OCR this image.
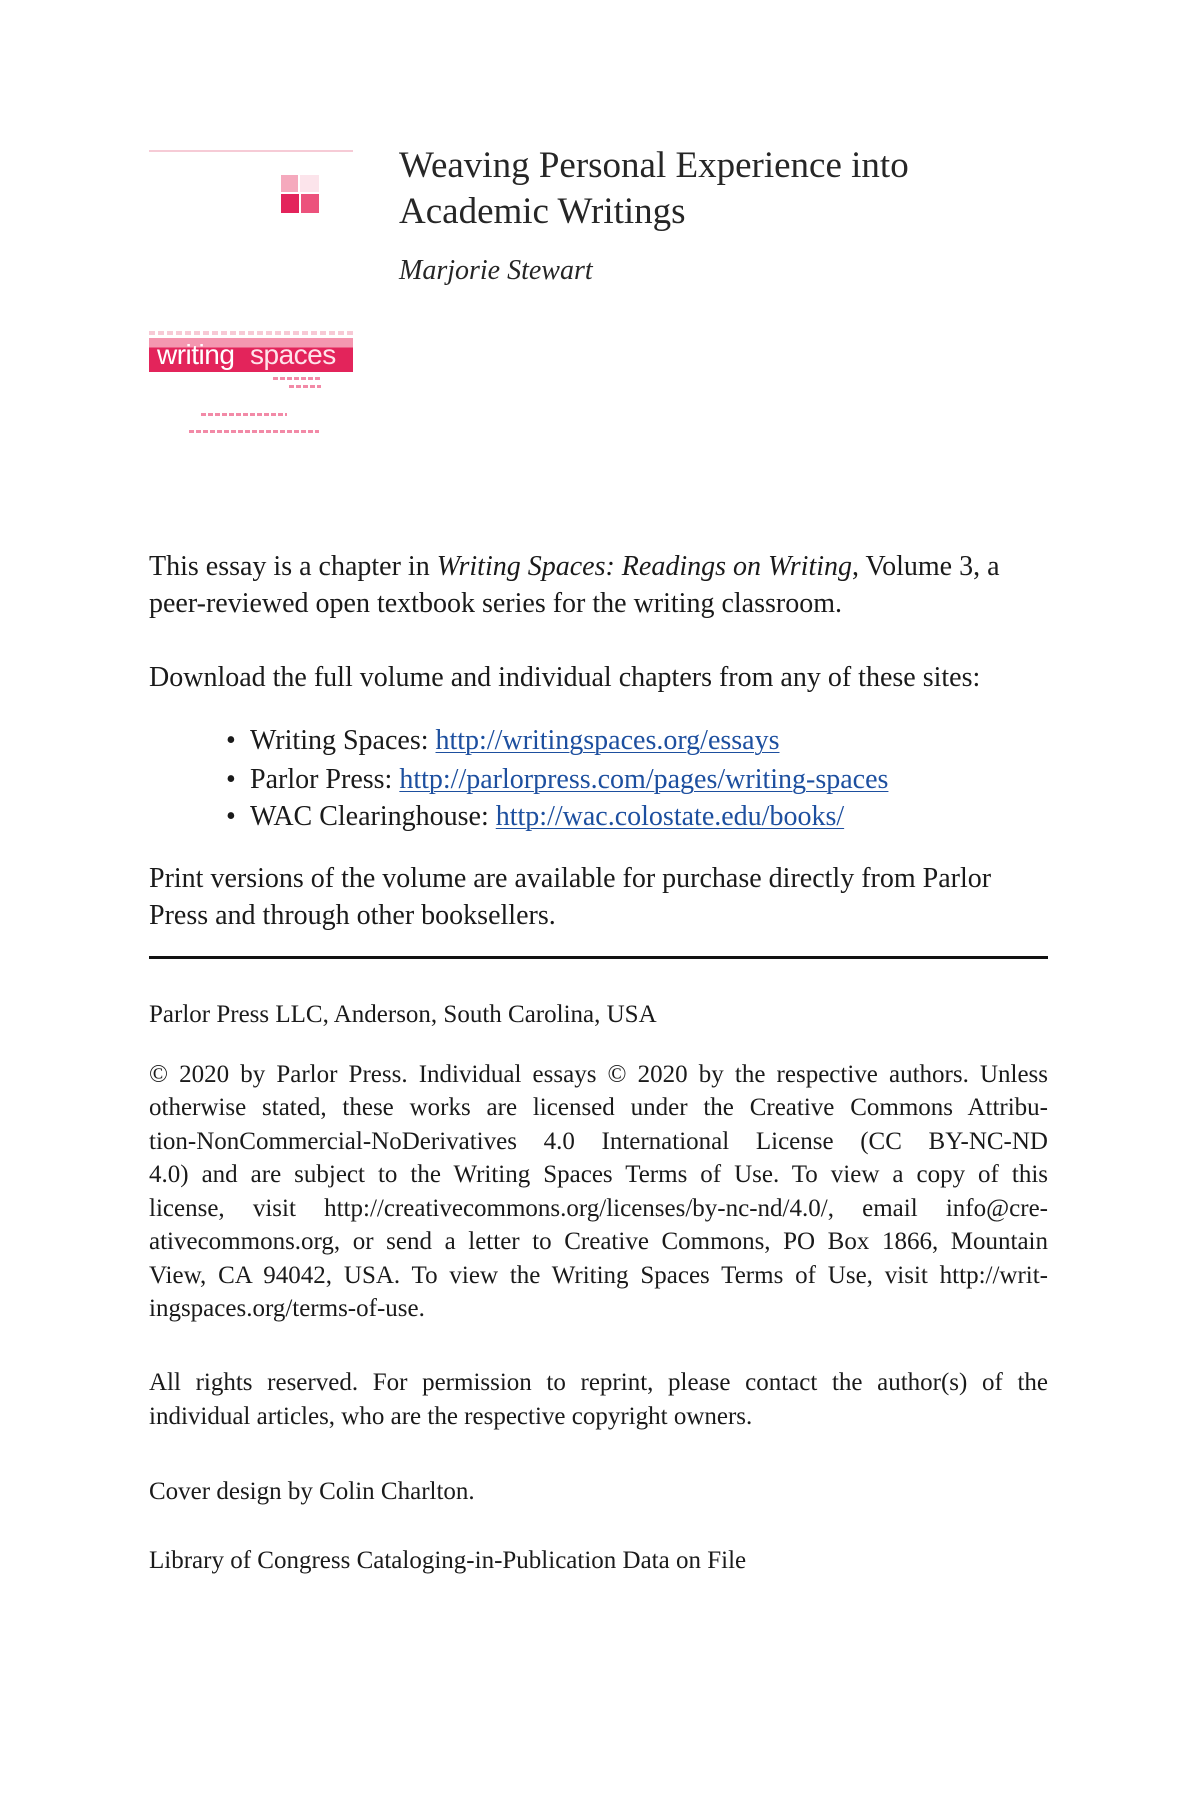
writing spaces
Weaving Personal Experience into
Academic Writings
Marjorie Stewart
This essay is a chapter in Writing Spaces: Readings on Writing, Volume 3, a
peer-reviewed open textbook series for the writing classroom.
Download the full volume and individual chapters from any of these sites:
• Writing Spaces: http://writingspaces.org/essays
• Parlor Press: http://parlorpress.com/pages/writing-spaces
• WAC Clearinghouse: http://wac.colostate.edu/books/
Print versions of the volume are available for purchase directly from Parlor
Press and through other booksellers.
Parlor Press LLC, Anderson, South Carolina, USA
© 2020 by Parlor Press. Individual essays © 2020 by the respective authors. Unless
otherwise stated, these works are licensed under the Creative Commons Attribu-
tion-NonCommercial-NoDerivatives 4.0 International License (CC BY-NC-ND
4.0) and are subject to the Writing Spaces Terms of Use. To view a copy of this
license, visit http://creativecommons.org/licenses/by-nc-nd/4.0/, email info@cre-
ativecommons.org, or send a letter to Creative Commons, PO Box 1866, Mountain
View, CA 94042, USA. To view the Writing Spaces Terms of Use, visit http://writ-
ingspaces.org/terms-of-use.
All rights reserved. For permission to reprint, please contact the author(s) of the
individual articles, who are the respective copyright owners.
Cover design by Colin Charlton.
Library of Congress Cataloging-in-Publication Data on File
